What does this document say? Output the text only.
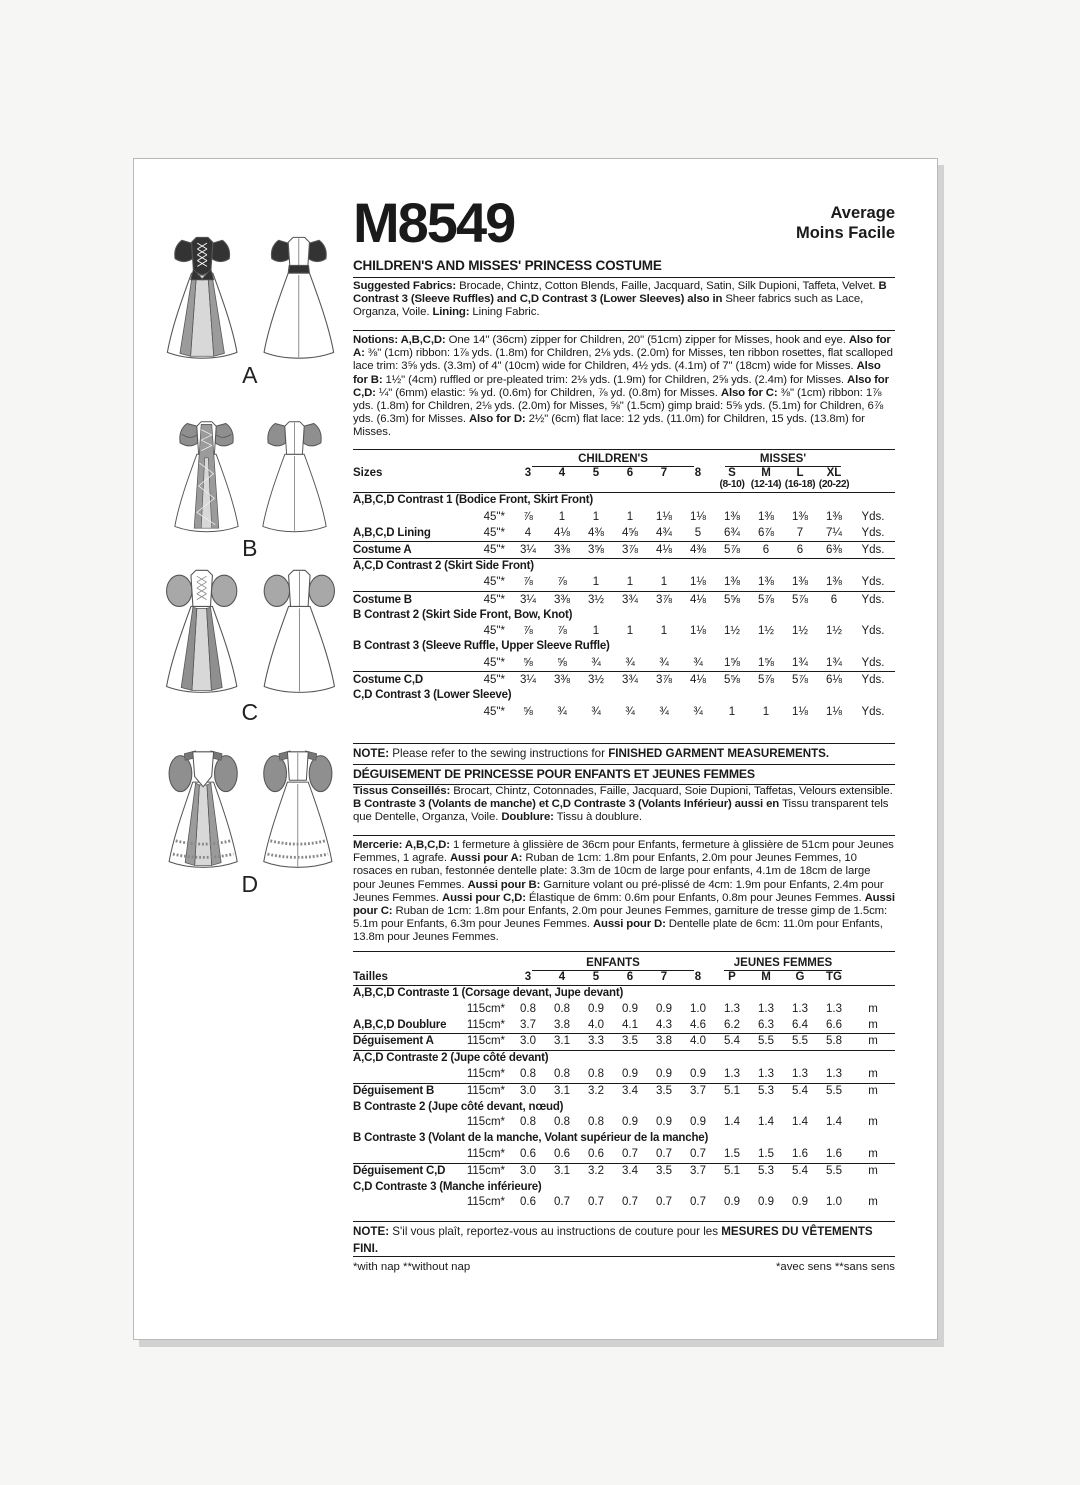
A
B
C
D
M8549	Average
Moins Facile
CHILDREN'S AND MISSES' PRINCESS COSTUME
Suggested Fabrics: Brocade, Chintz, Cotton Blends, Faille, Jacquard, Satin, Silk Dupioni, Taffeta, Velvet. B Contrast 3 (Sleeve Ruffles) and C,D Contrast 3 (Lower Sleeves) also in Sheer fabrics such as Lace, Organza, Voile. Lining: Lining Fabric.
Notions: A,B,C,D: One 14" (36cm) zipper for Children, 20" (51cm) zipper for Misses, hook and eye. Also for A: ⅜" (1cm) ribbon: 1⅞ yds. (1.8m) for Children, 2⅛ yds. (2.0m) for Misses, ten ribbon rosettes, flat scalloped lace trim: 3⅝ yds. (3.3m) of 4" (10cm) wide for Children, 4½ yds. (4.1m) of 7" (18cm) wide for Misses. Also for B: 1½" (4cm) ruffled or pre-pleated trim: 2⅛ yds. (1.9m) for Children, 2⅝ yds. (2.4m) for Misses. Also for C,D: ¼" (6mm) elastic: ⅝ yd. (0.6m) for Children, ⅞ yd. (0.8m) for Misses. Also for C: ⅜" (1cm) ribbon: 1⅞ yds. (1.8m) for Children, 2⅛ yds. (2.0m) for Misses, ⅝" (1.5cm) gimp braid: 5⅝ yds. (5.1m) for Children, 6⅞ yds. (6.3m) for Misses. Also for D: 2½" (6cm) flat lace: 12 yds. (11.0m) for Children, 15 yds. (13.8m) for Misses.
CHILDREN'S	MISSES'
Sizes	3	4	5	6	7	8	S	M	L	XL
(8-10) (12-14) (16-18) (20-22)
A,B,C,D Contrast 1 (Bodice Front, Skirt Front)
45"*	⅞	1	1	1	1⅛	1⅛	1⅜	1⅜	1⅜	1⅜	Yds.
A,B,C,D Lining	45"*	4	4⅛	4⅜	4⅝	4¾	5	6¾	6⅞	7	7¼	Yds.
Costume A	45"*	3¼	3⅜	3⅝	3⅞	4⅛	4⅜	5⅞	6	6	6⅜	Yds.
A,C,D Contrast 2 (Skirt Side Front)
45"*	⅞	⅞	1	1	1	1⅛	1⅜	1⅜	1⅜	1⅜	Yds.
Costume B	45"*	3¼	3⅜	3½	3¾	3⅞	4⅛	5⅝	5⅞	5⅞	6	Yds.
B Contrast 2 (Skirt Side Front, Bow, Knot)
45"*	⅞	⅞	1	1	1	1⅛	1½	1½	1½	1½	Yds.
B Contrast 3 (Sleeve Ruffle, Upper Sleeve Ruffle)
45"*	⅝	⅝	¾	¾	¾	¾	1⅝	1⅝	1¾	1¾	Yds.
Costume C,D	45"*	3¼	3⅜	3½	3¾	3⅞	4⅛	5⅝	5⅞	5⅞	6⅛	Yds.
C,D Contrast 3 (Lower Sleeve)
45"*	⅝	¾	¾	¾	¾	¾	1	1	1⅛	1⅛	Yds.
NOTE: Please refer to the sewing instructions for FINISHED GARMENT MEASUREMENTS.
DÉGUISEMENT DE PRINCESSE POUR ENFANTS ET JEUNES FEMMES
Tissus Conseillés: Brocart, Chintz, Cotonnades, Faille, Jacquard, Soie Dupioni, Taffetas, Velours extensible. B Contraste 3 (Volants de manche) et C,D Contraste 3 (Volants Inférieur) aussi en Tissu transparent tels que Dentelle, Organza, Voile. Doublure: Tissu à doublure.
Mercerie: A,B,C,D: 1 fermeture à glissière de 36cm pour Enfants, fermeture à glissière de 51cm pour Jeunes Femmes, 1 agrafe. Aussi pour A: Ruban de 1cm: 1.8m pour Enfants, 2.0m pour Jeunes Femmes, 10 rosaces en ruban, festonnée dentelle plate: 3.3m de 10cm de large pour enfants, 4.1m de 18cm de large pour Jeunes Femmes. Aussi pour B: Garniture volant ou pré-plissé de 4cm: 1.9m pour Enfants, 2.4m pour Jeunes Femmes. Aussi pour C,D: Élastique de 6mm: 0.6m pour Enfants, 0.8m pour Jeunes Femmes. Aussi pour C: Ruban de 1cm: 1.8m pour Enfants, 2.0m pour Jeunes Femmes, garniture de tresse gimp de 1.5cm: 5.1m pour Enfants, 6.3m pour Jeunes Femmes. Aussi pour D: Dentelle plate de 6cm: 11.0m pour Enfants, 13.8m pour Jeunes Femmes.
ENFANTS	JEUNES FEMMES
Tailles	3	4	5	6	7	8	P	M	G	TG
A,B,C,D Contraste 1 (Corsage devant, Jupe devant)
115cm*	0.8	0.8	0.9	0.9	0.9	1.0	1.3	1.3	1.3	1.3	m
A,B,C,D Doublure	115cm*	3.7	3.8	4.0	4.1	4.3	4.6	6.2	6.3	6.4	6.6	m
Déguisement A	115cm*	3.0	3.1	3.3	3.5	3.8	4.0	5.4	5.5	5.5	5.8	m
A,C,D Contraste 2 (Jupe côté devant)
115cm*	0.8	0.8	0.8	0.9	0.9	0.9	1.3	1.3	1.3	1.3	m
Déguisement B	115cm*	3.0	3.1	3.2	3.4	3.5	3.7	5.1	5.3	5.4	5.5	m
B Contraste 2 (Jupe côté devant, nœud)
115cm*	0.8	0.8	0.8	0.9	0.9	0.9	1.4	1.4	1.4	1.4	m
B Contraste 3 (Volant de la manche, Volant supérieur de la manche)
115cm*	0.6	0.6	0.6	0.7	0.7	0.7	1.5	1.5	1.6	1.6	m
Déguisement C,D	115cm*	3.0	3.1	3.2	3.4	3.5	3.7	5.1	5.3	5.4	5.5	m
C,D Contraste 3 (Manche inférieure)
115cm*	0.6	0.7	0.7	0.7	0.7	0.7	0.9	0.9	0.9	1.0	m
NOTE: S'il vous plaît, reportez-vous au instructions de couture pour les MESURES DU VÊTEMENTS FINI.
*with nap **without nap	*avec sens **sans sens
